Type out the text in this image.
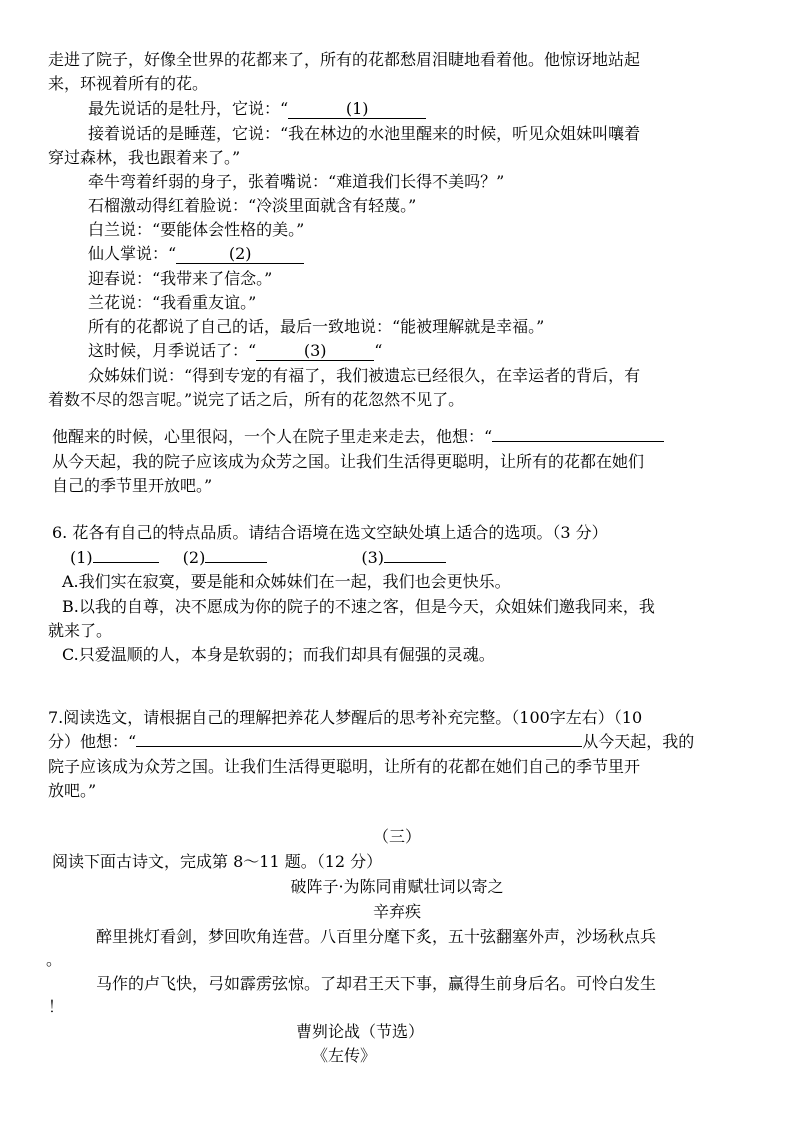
走进了院子，好像全世界的花都来了，所有的花都愁眉泪睫地看着他。他惊讶地站起
来，环视着所有的花。
最先说话的是牡丹，它说：“	(1)
接着说话的是睡莲，它说：“我在林边的水池里醒来的时候，听见众姐妹叫嚷着
穿过森林，我也跟着来了。”
牵牛弯着纤弱的身子，张着嘴说：“难道我们长得不美吗？”
石榴激动得红着脸说：“冷淡里面就含有轻蔑。”
白兰说：“要能体会性格的美。”
仙人掌说：“	(2)
迎春说：“我带来了信念。”
兰花说：“我看重友谊。”
所有的花都说了自己的话，最后一致地说：“能被理解就是幸福。”
这时候，月季说话了：“	(3)	“
众姊妹们说：“得到专宠的有福了，我们被遗忘已经很久，在幸运者的背后，有
着数不尽的怨言呢。”说完了话之后，所有的花忽然不见了。
他醒来的时候，心里很闷，一个人在院子里走来走去，他想：“
从今天起，我的院子应该成为众芳之国。让我们生活得更聪明，让所有的花都在她们
自己的季节里开放吧。”
6. 花各有自己的特点品质。请结合语境在选文空缺处填上适合的选项。（3 分）
(1)	(2)	(3)
A.我们实在寂寞，要是能和众姊妹们在一起，我们也会更快乐。
B.以我的自尊，决不愿成为你的院子的不速之客，但是今天，众姐妹们邀我同来，我
就来了。
C.只爱温顺的人，本身是软弱的；而我们却具有倔强的灵魂。
7.阅读选文，请根据自己的理解把养花人梦醒后的思考补充完整。（100字左右）（10
分）他想：“	从今天起，我的
院子应该成为众芳之国。让我们生活得更聪明，让所有的花都在她们自己的季节里开
放吧。”
（三）
阅读下面古诗文，完成第 8～11 题。（12 分）
破阵子·为陈同甫赋壮词以寄之
辛弃疾
醉里挑灯看剑，梦回吹角连营。八百里分麾下炙，五十弦翻塞外声，沙场秋点兵
。
马作的卢飞快，弓如霹雳弦惊。了却君王天下事，赢得生前身后名。可怜白发生
！
曹刿论战（节选）
《左传》
